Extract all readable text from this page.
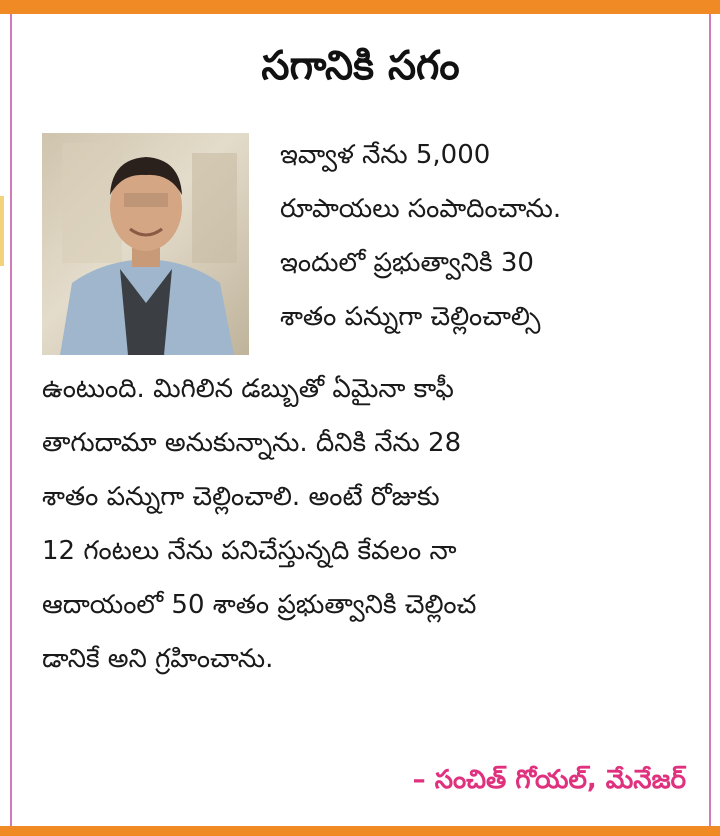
సగానికి సగం
ఇవ్వాళ నేను 5,000
రూపాయలు సంపాదించాను.
ఇందులో ప్రభుత్వానికి 30
శాతం పన్నుగా చెల్లించాల్సి
ఉంటుంది. మిగిలిన డబ్బుతో ఏమైనా కాఫీ
తాగుదామా అనుకున్నాను. దీనికి నేను 28
శాతం పన్నుగా చెల్లించాలి. అంటే రోజుకు
12 గంటలు నేను పనిచేస్తున్నది కేవలం నా
ఆదాయంలో 50 శాతం ప్రభుత్వానికి చెల్లించ
డానికే అని గ్రహించాను.
– సంచిత్ గోయల్, మేనేజర్
